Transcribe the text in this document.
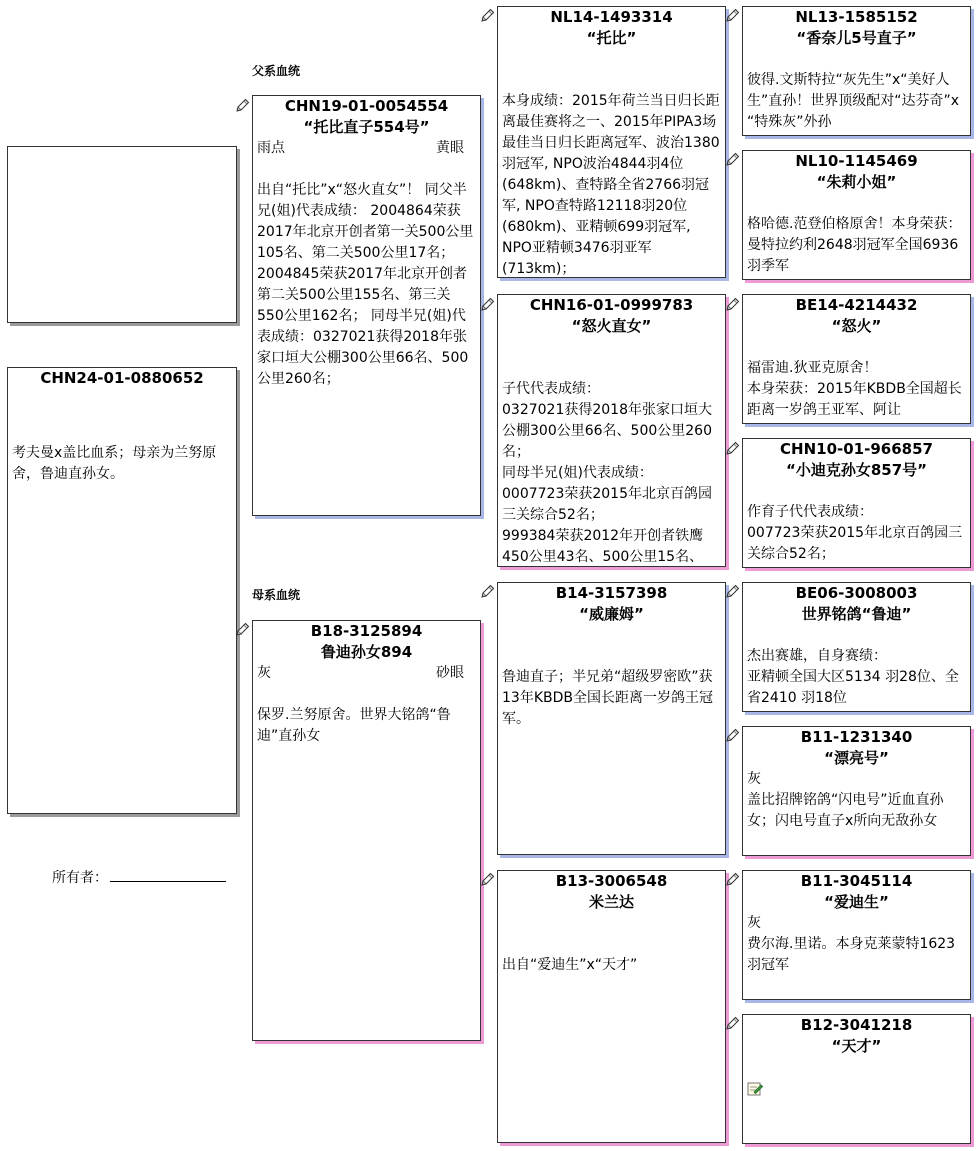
CHN24-01-0880652
考夫曼x盖比血系；母亲为兰努原舍，鲁迪直孙女。
所有者：
父系血统
母系血统
CHN19-01-0054554
“托比直子554号”
雨点	黄眼
出自“托比”x“怒火直女”！ 同父半兄(姐)代表成绩： 2004864荣获2017年北京开创者第一关500公里105名、第二关500公里17名； 2004845荣获2017年北京开创者第二关500公里155名、第三关550公里162名； 同母半兄(姐)代表成绩：0327021获得2018年张家口垣大公棚300公里66名、500公里260名；
B18-3125894
鲁迪孙女894
灰	砂眼
保罗.兰努原舍。世界大铭鸽“鲁迪”直孙女
NL14-1493314
“托比”
本身成绩：2015年荷兰当日归长距离最佳赛将之一、2015年PIPA3场最佳当日归长距离冠军、波治1380羽冠军, NPO波治4844羽4位(648km)、查特路全省2766羽冠军, NPO查特路12118羽20位(680km)、亚精顿699羽冠军, NPO亚精顿3476羽亚军(713km)；
CHN16-01-0999783
“怒火直女”
子代代表成绩：
0327021获得2018年张家口垣大公棚300公里66名、500公里260名；
同母半兄(姐)代表成绩：
0007723荣获2015年北京百鸽园三关综合52名；
999384荣获2012年开创者铁鹰450公里43名、500公里15名、
B14-3157398
“威廉姆”
鲁迪直子；半兄弟“超级罗密欧”获13年KBDB全国长距离一岁鸽王冠军。
B13-3006548
米兰达
出自“爱迪生”x“天才”
NL13-1585152
“香奈儿5号直子”
彼得.文斯特拉“灰先生”x“美好人生”直孙！世界顶级配对“达芬奇”x “特殊灰”外孙
NL10-1145469
“朱莉小姐”
格哈德.范登伯格原舍！本身荣获：曼特拉约利2648羽冠军全国6936羽季军
BE14-4214432
“怒火”
福雷迪.狄亚克原舍！
本身荣获：2015年KBDB全国超长距离一岁鸽王亚军、阿让
CHN10-01-966857
“小迪克孙女857号”
作育子代代表成绩：
007723荣获2015年北京百鸽园三关综合52名；
BE06-3008003
世界铭鸽“鲁迪”
杰出赛雄，自身赛绩：
亚精顿全国大区5134 羽28位、全省2410 羽18位
B11-1231340
“漂亮号”
灰
盖比招牌铭鸽“闪电号”近血直孙女；闪电号直子x所向无敌孙女
B11-3045114
“爱迪生”
灰
费尔海.里诺。本身克莱蒙特1623羽冠军
B12-3041218
“天才”
